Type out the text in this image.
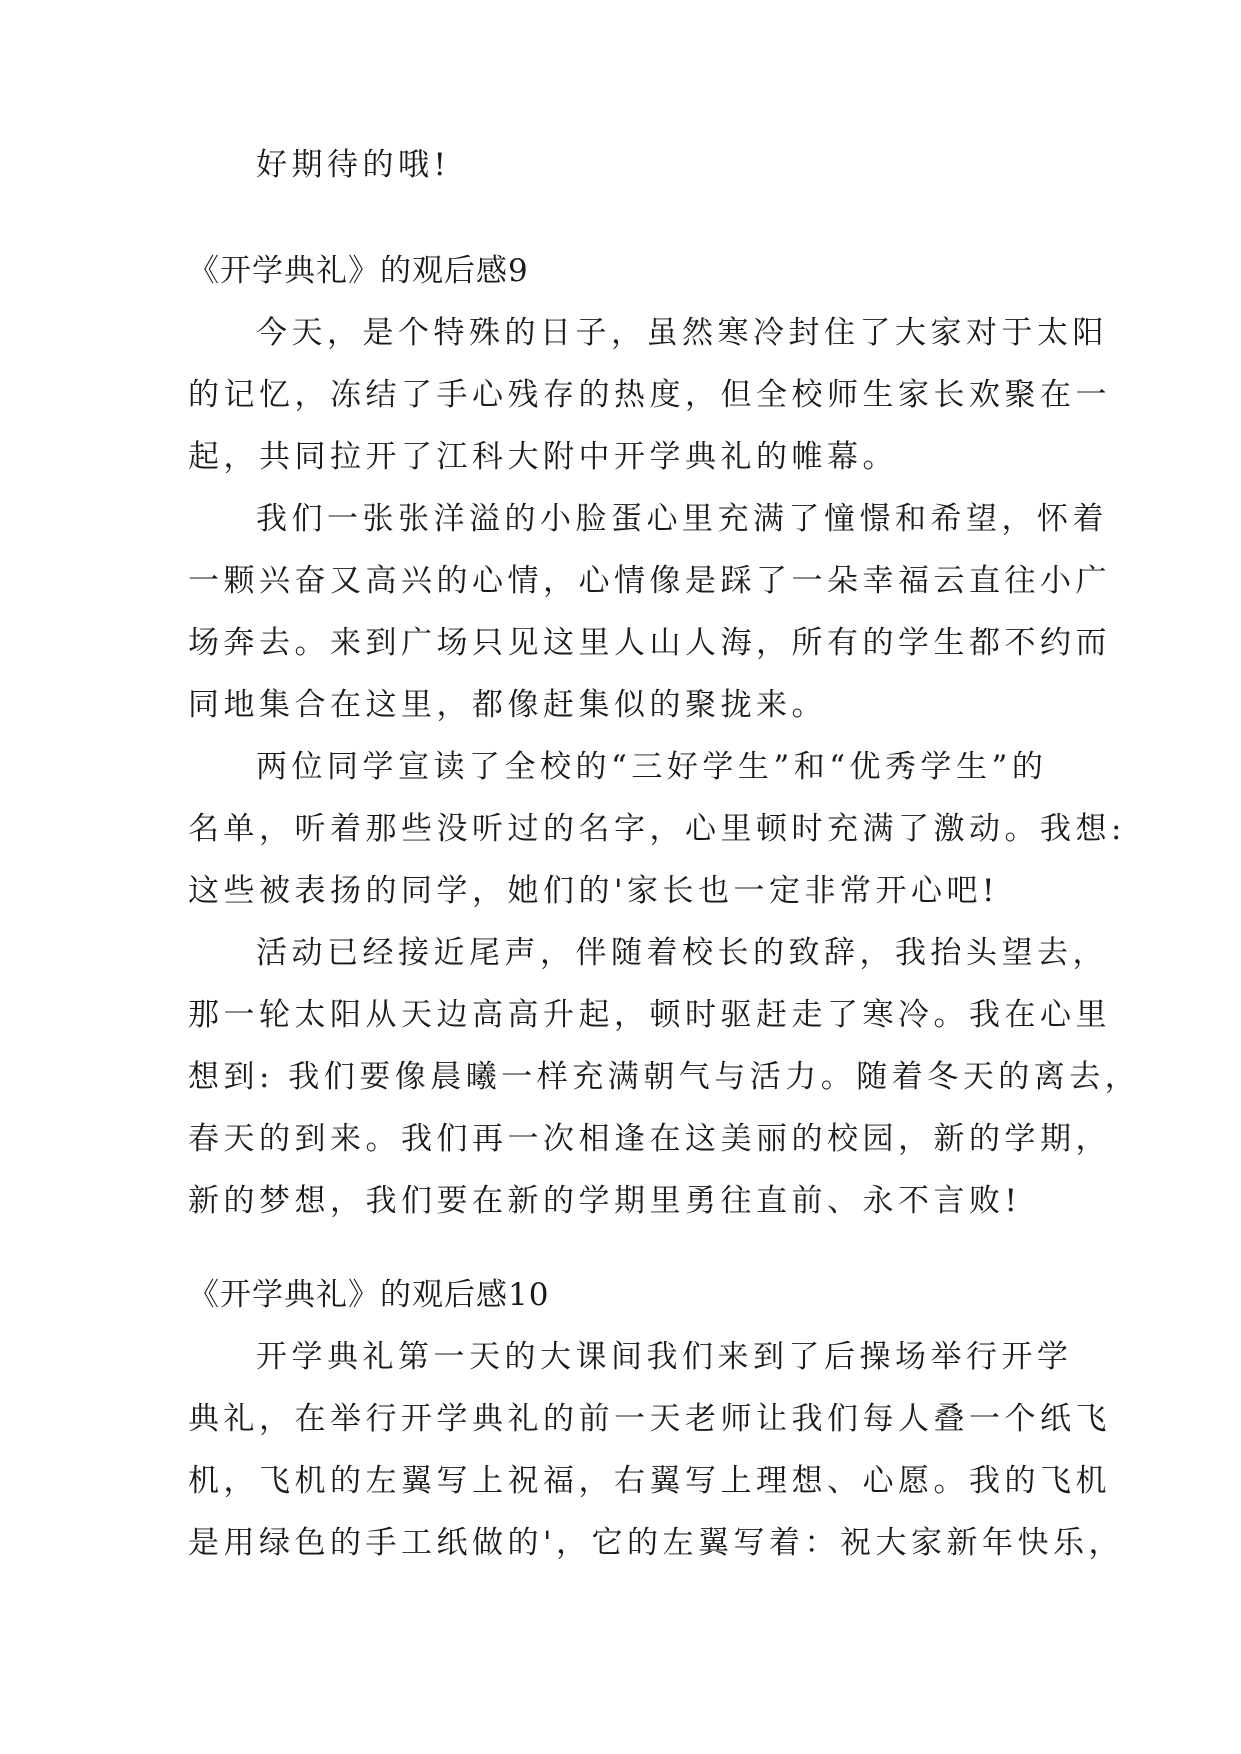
好期待的哦!
《开学典礼》的观后感9
今天，是个特殊的日子，虽然寒冷封住了大家对于太阳
的记忆，冻结了手心残存的热度，但全校师生家长欢聚在一
起，共同拉开了江科大附中开学典礼的帷幕。
我们一张张洋溢的小脸蛋心里充满了憧憬和希望，怀着
一颗兴奋又高兴的心情，心情像是踩了一朵幸福云直往小广
场奔去。来到广场只见这里人山人海，所有的学生都不约而
同地集合在这里，都像赶集似的聚拢来。
两位同学宣读了全校的“三好学生”和“优秀学生”的
名单，听着那些没听过的名字，心里顿时充满了激动。我想:
这些被表扬的同学，她们的'家长也一定非常开心吧!
活动已经接近尾声，伴随着校长的致辞，我抬头望去，
那一轮太阳从天边高高升起，顿时驱赶走了寒冷。我在心里
想到: 我们要像晨曦一样充满朝气与活力。随着冬天的离去，
春天的到来。我们再一次相逢在这美丽的校园，新的学期，
新的梦想，我们要在新的学期里勇往直前、永不言败!
《开学典礼》的观后感10
开学典礼第一天的大课间我们来到了后操场举行开学
典礼，在举行开学典礼的前一天老师让我们每人叠一个纸飞
机，飞机的左翼写上祝福，右翼写上理想、心愿。我的飞机
是用绿色的手工纸做的'，它的左翼写着：祝大家新年快乐，
